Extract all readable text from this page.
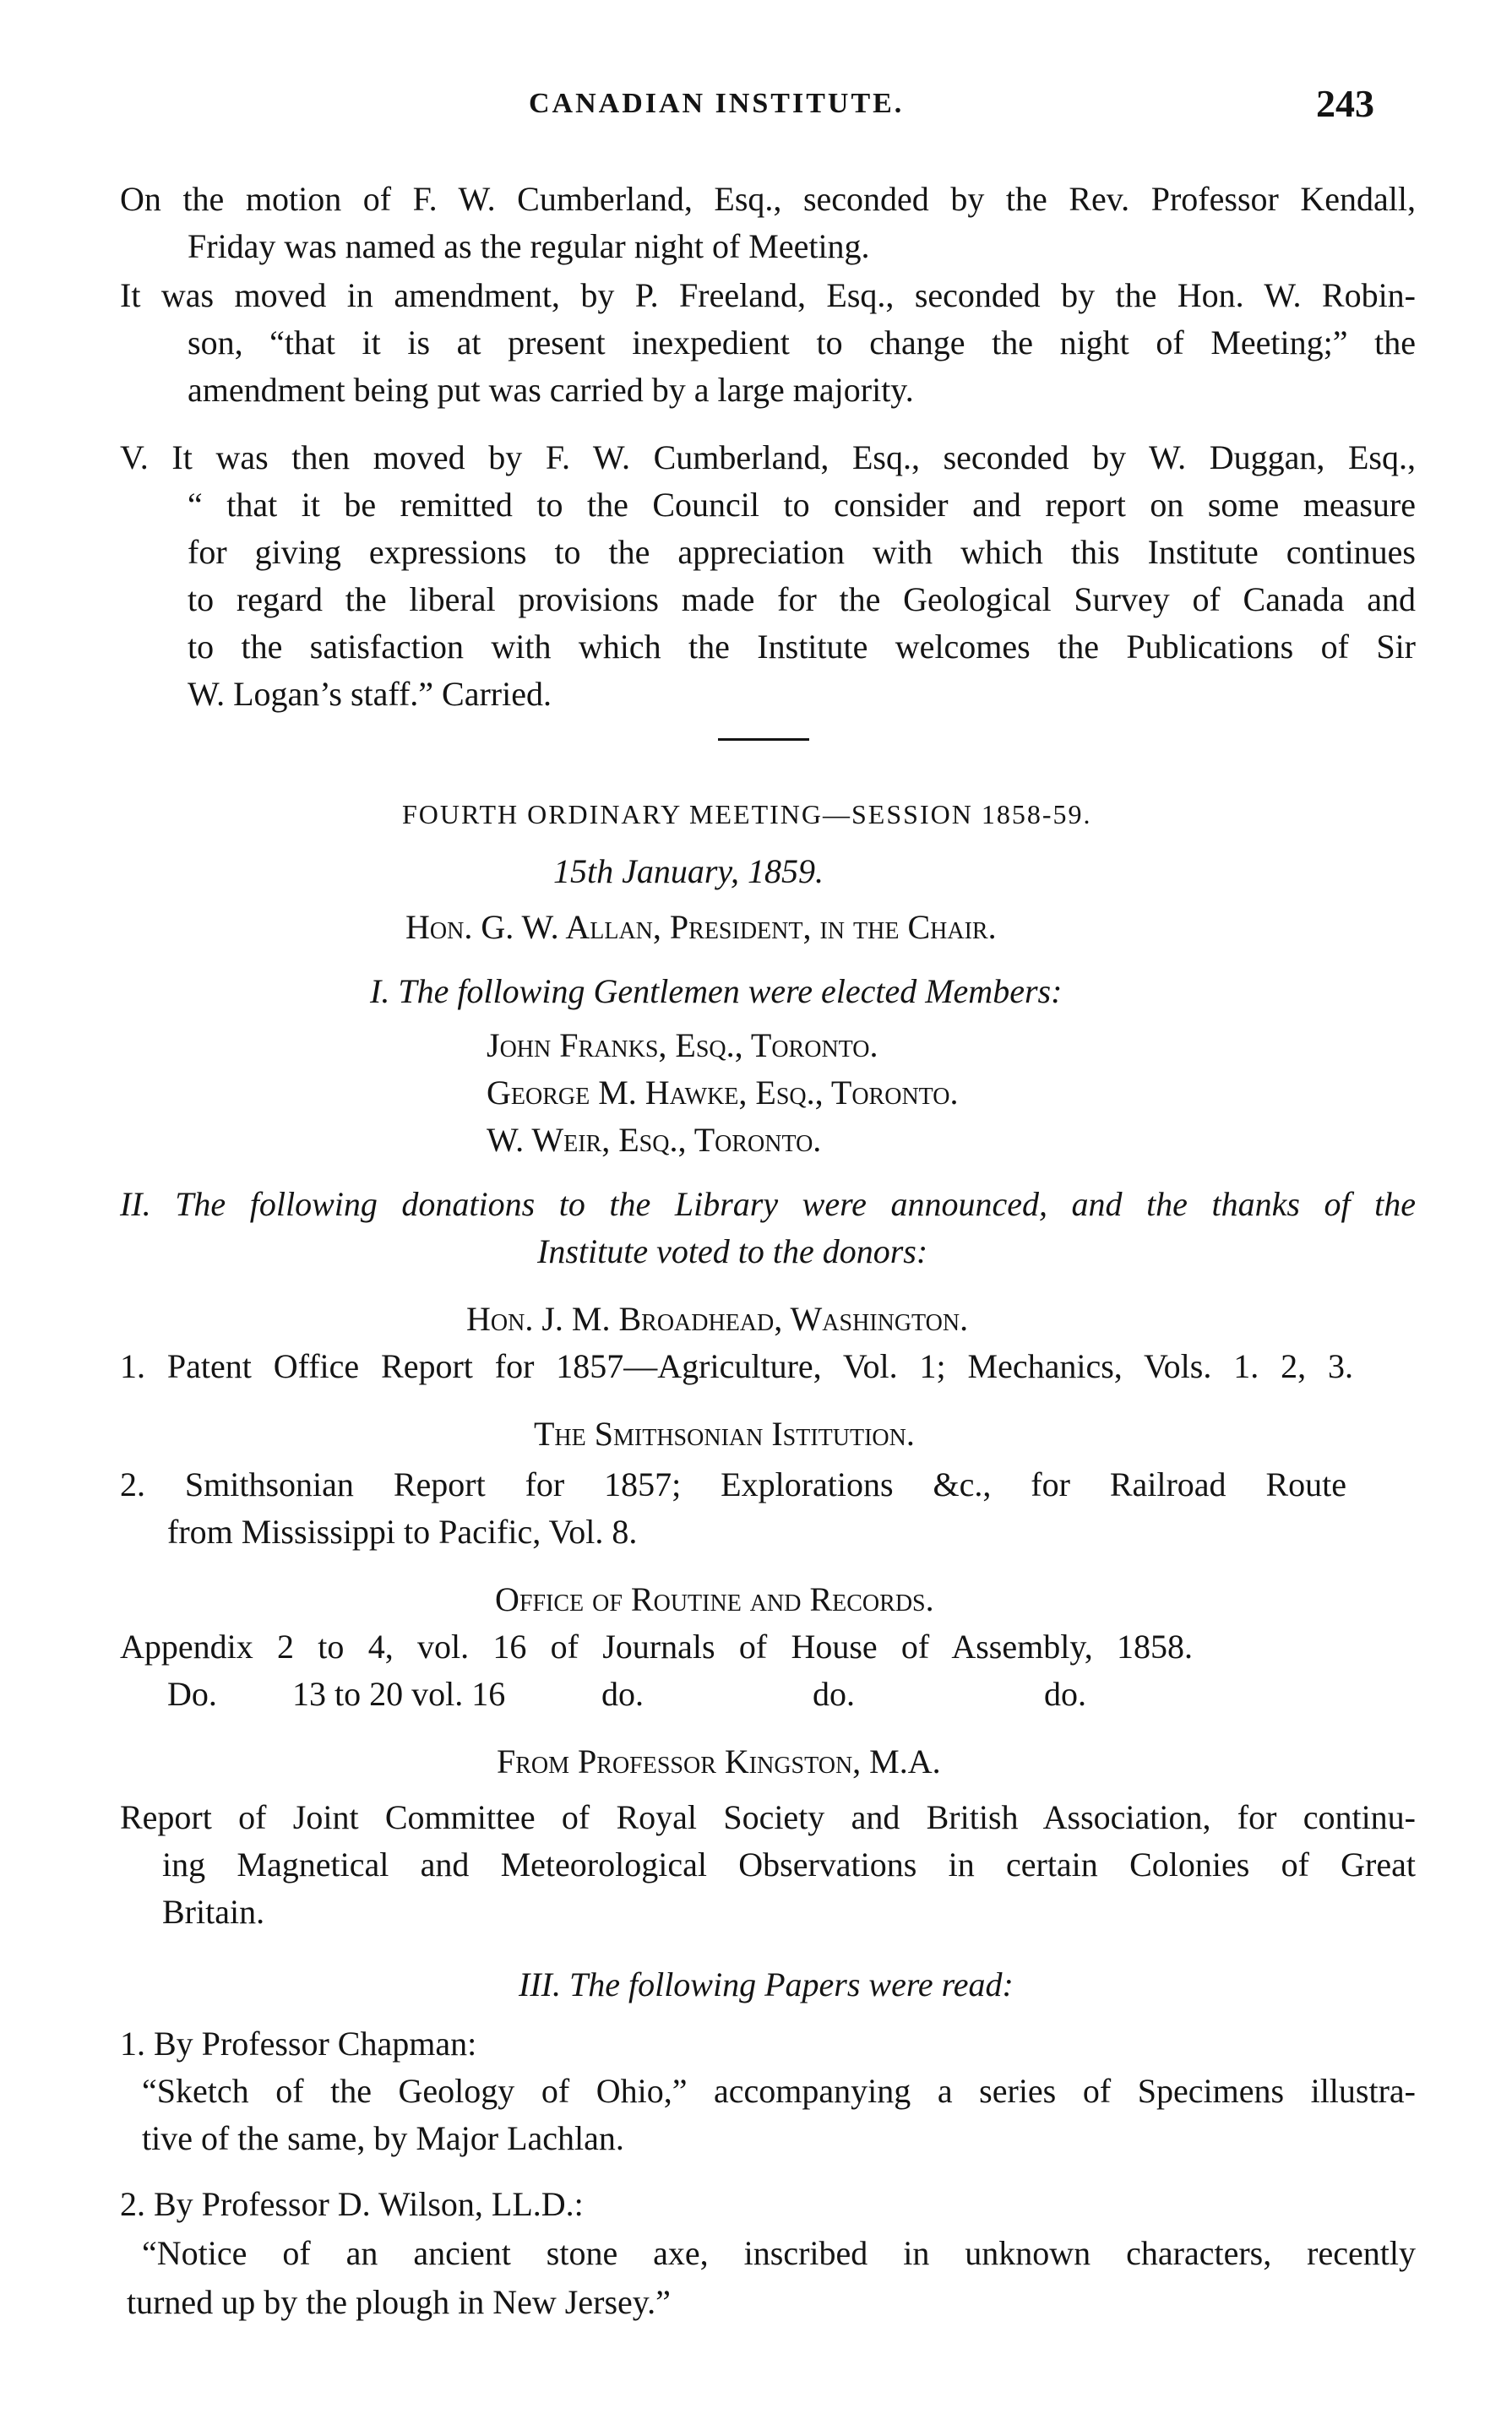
CANADIAN INSTITUTE.	243
On the motion of F. W. Cumberland, Esq., seconded by the Rev. Professor Kendall,
Friday was named as the regular night of Meeting.
It was moved in amendment, by P. Freeland, Esq., seconded by the Hon. W. Robin-
son, “that it is at present inexpedient to change the night of Meeting;” the
amendment being put was carried by a large majority.
V. It was then moved by F. W. Cumberland, Esq., seconded by W. Duggan, Esq.,
“ that it be remitted to the Council to consider and report on some measure
for giving expressions to the appreciation with which this Institute continues
to regard the liberal provisions made for the Geological Survey of Canada and
to the satisfaction with which the Institute welcomes the Publications of Sir
W. Logan’s staff.” Carried.
FOURTH ORDINARY MEETING—SESSION 1858-59.
15th January, 1859.
Hon. G. W. Allan, President, in the Chair.
I. The following Gentlemen were elected Members:
John Franks, Esq., Toronto.
George M. Hawke, Esq., Toronto.
W. Weir, Esq., Toronto.
II. The following donations to the Library were announced, and the thanks of the
Institute voted to the donors:
Hon. J. M. Broadhead, Washington.
1. Patent Office Report for 1857—Agriculture, Vol. 1; Mechanics, Vols. 1. 2, 3.
The Smithsonian Istitution.
2. Smithsonian Report for 1857; Explorations &c., for Railroad Route
from Mississippi to Pacific, Vol. 8.
Office of Routine and Records.
Appendix 2 to 4, vol. 16 of Journals of House of Assembly, 1858.
Do. 13 to 20 vol. 16	do.	do.	do.
From Professor Kingston, M.A.
Report of Joint Committee of Royal Society and British Association, for continu-
ing Magnetical and Meteorological Observations in certain Colonies of Great
Britain.
III. The following Papers were read:
1. By Professor Chapman:
“Sketch of the Geology of Ohio,” accompanying a series of Specimens illustra-
tive of the same, by Major Lachlan.
2. By Professor D. Wilson, LL.D.:
“Notice of an ancient stone axe, inscribed in unknown characters, recently
turned up by the plough in New Jersey.”
